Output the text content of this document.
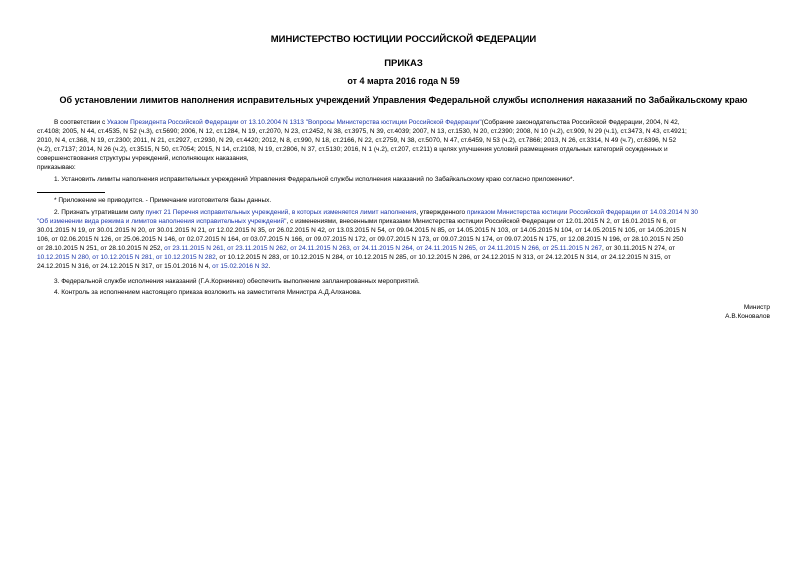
МИНИСТЕРСТВО ЮСТИЦИИ РОССИЙСКОЙ ФЕДЕРАЦИИ
ПРИКАЗ
от 4 марта 2016 года N 59
Об установлении лимитов наполнения исправительных учреждений Управления Федеральной службы исполнения наказаний по Забайкальскому краю
В соответствии с Указом Президента Российской Федерации от 13.10.2004 N 1313 "Вопросы Министерства юстиции Российской Федерации"(Собрание законодательства Российской Федерации, 2004, N 42,
ст.4108; 2005, N 44, ст.4535, N 52 (ч.3), ст.5690; 2006, N 12, ст.1284, N 19, ст.2070, N 23, ст.2452, N 38, ст.3975, N 39, ст.4039; 2007, N 13, ст.1530, N 20, ст.2390; 2008, N 10 (ч.2), ст.909, N 29 (ч.1), ст.3473, N 43, ст.4921;
2010, N 4, ст.368, N 19, ст.2300; 2011, N 21, ст.2927, ст.2930, N 29, ст.4420; 2012, N 8, ст.990, N 18, ст.2166, N 22, ст.2759, N 38, ст.5070, N 47, ст.6459, N 53 (ч.2), ст.7866; 2013, N 26, ст.3314, N 49 (ч.7), ст.6396, N 52
(ч.2), ст.7137; 2014, N 26 (ч.2), ст.3515, N 50, ст.7054; 2015, N 14, ст.2108, N 19, ст.2806, N 37, ст.5130; 2016, N 1 (ч.2), ст.207, ст.211) в целях улучшения условий размещения отдельных категорий осужденных и
совершенствования структуры учреждений, исполняющих наказания,
приказываю:
1. Установить лимиты наполнения исправительных учреждений Управления Федеральной службы исполнения наказаний по Забайкальскому краю согласно приложению*.
* Приложение не приводится. - Примечание изготовителя базы данных.
2. Признать утратившим силу пункт 21 Перечня исправительных учреждений, в которых изменяется лимит наполнения, утвержденного приказом Министерства юстиции Российской Федерации от 14.03.2014 N 30
"Об изменении вида режима и лимитов наполнения исправительных учреждений", с изменениями, внесенными приказами Министерства юстиции Российской Федерации от 12.01.2015 N 2, от 16.01.2015 N 6, от
30.01.2015 N 19, от 30.01.2015 N 20, от 30.01.2015 N 21, от 12.02.2015 N 35, от 26.02.2015 N 42, от 13.03.2015 N 54, от 09.04.2015 N 85, от 14.05.2015 N 103, от 14.05.2015 N 104, от 14.05.2015 N 105, от 14.05.2015 N
106, от 02.06.2015 N 126, от 25.06.2015 N 146, от 02.07.2015 N 164, от 03.07.2015 N 166, от 09.07.2015 N 172, от 09.07.2015 N 173, от 09.07.2015 N 174, от 09.07.2015 N 175, от 12.08.2015 N 196, от 28.10.2015 N 250
от 28.10.2015 N 251, от 28.10.2015 N 252, от 23.11.2015 N 261, от 23.11.2015 N 262, от 24.11.2015 N 263, от 24.11.2015 N 264, от 24.11.2015 N 265, от 24.11.2015 N 266, от 25.11.2015 N 267, от 30.11.2015 N 274, от
10.12.2015 N 280, от 10.12.2015 N 281, от 10.12.2015 N 282, от 10.12.2015 N 283, от 10.12.2015 N 284, от 10.12.2015 N 285, от 10.12.2015 N 286, от 24.12.2015 N 313, от 24.12.2015 N 314, от 24.12.2015 N 315, от
24.12.2015 N 316, от 24.12.2015 N 317, от 15.01.2016 N 4, от 15.02.2016 N 32.
3. Федеральной службе исполнения наказаний (Г.А.Корниенко) обеспечить выполнение запланированных мероприятий.
4. Контроль за исполнением настоящего приказа возложить на заместителя Министра А.Д.Алханова.
Министр
А.В.Коновалов
